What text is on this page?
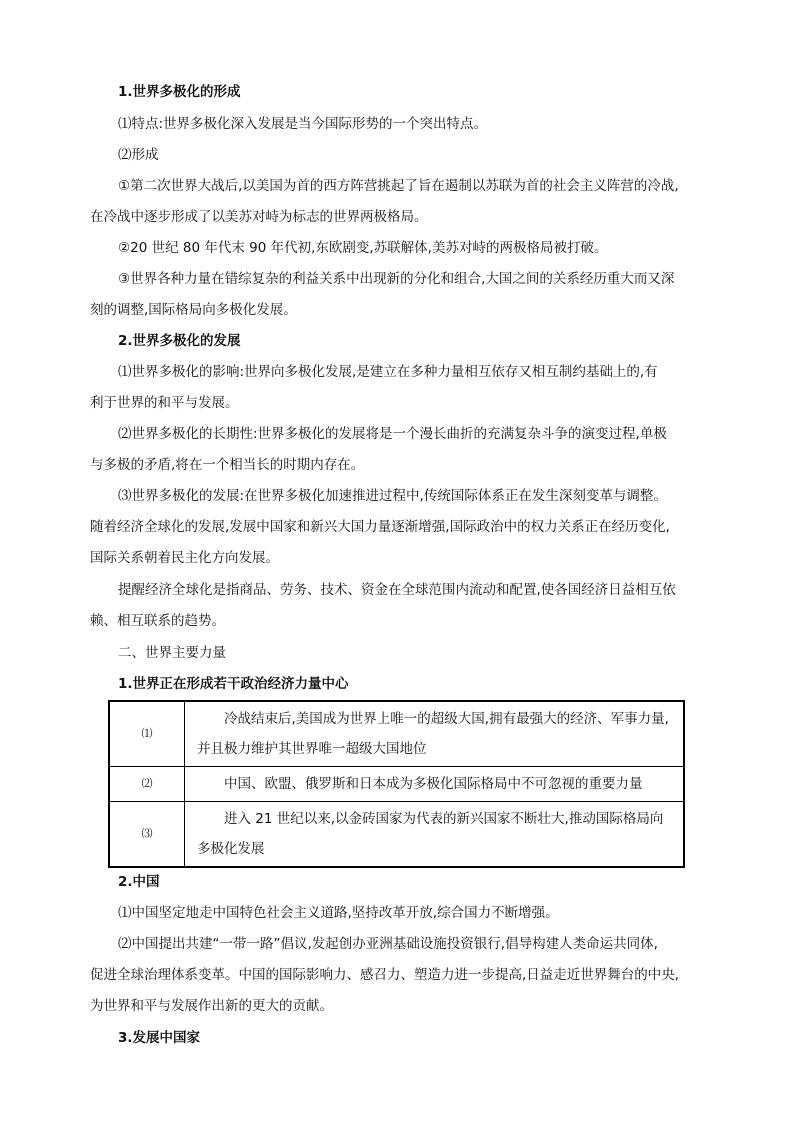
1.世界多极化的形成
⑴特点:世界多极化深入发展是当今国际形势的一个突出特点。
⑵形成
①第二次世界大战后,以美国为首的西方阵营挑起了旨在遏制以苏联为首的社会主义阵营的冷战,
在冷战中逐步形成了以美苏对峙为标志的世界两极格局。
②20 世纪 80 年代末 90 年代初,东欧剧变,苏联解体,美苏对峙的两极格局被打破。
③世界各种力量在错综复杂的利益关系中出现新的分化和组合,大国之间的关系经历重大而又深
刻的调整,国际格局向多极化发展。
2.世界多极化的发展
⑴世界多极化的影响:世界向多极化发展,是建立在多种力量相互依存又相互制约基础上的,有
利于世界的和平与发展。
⑵世界多极化的长期性:世界多极化的发展将是一个漫长曲折的充满复杂斗争的演变过程,单极
与多极的矛盾,将在一个相当长的时期内存在。
⑶世界多极化的发展:在世界多极化加速推进过程中,传统国际体系正在发生深刻变革与调整。
随着经济全球化的发展,发展中国家和新兴大国力量逐渐增强,国际政治中的权力关系正在经历变化,
国际关系朝着民主化方向发展。
提醒经济全球化是指商品、劳务、技术、资金在全球范围内流动和配置,使各国经济日益相互依
赖、相互联系的趋势。
二、世界主要力量
1.世界正在形成若干政治经济力量中心
⑴	冷战结束后,美国成为世界上唯一的超级大国,拥有最强大的经济、军事力量,并且极力维护其世界唯一超级大国地位
⑵	中国、欧盟、俄罗斯和日本成为多极化国际格局中不可忽视的重要力量
⑶	进入 21 世纪以来,以金砖国家为代表的新兴国家不断壮大,推动国际格局向多极化发展
2.中国
⑴中国坚定地走中国特色社会主义道路,坚持改革开放,综合国力不断增强。
⑵中国提出共建“一带一路”倡议,发起创办亚洲基础设施投资银行,倡导构建人类命运共同体,
促进全球治理体系变革。中国的国际影响力、感召力、塑造力进一步提高,日益走近世界舞台的中央,
为世界和平与发展作出新的更大的贡献。
3.发展中国家
